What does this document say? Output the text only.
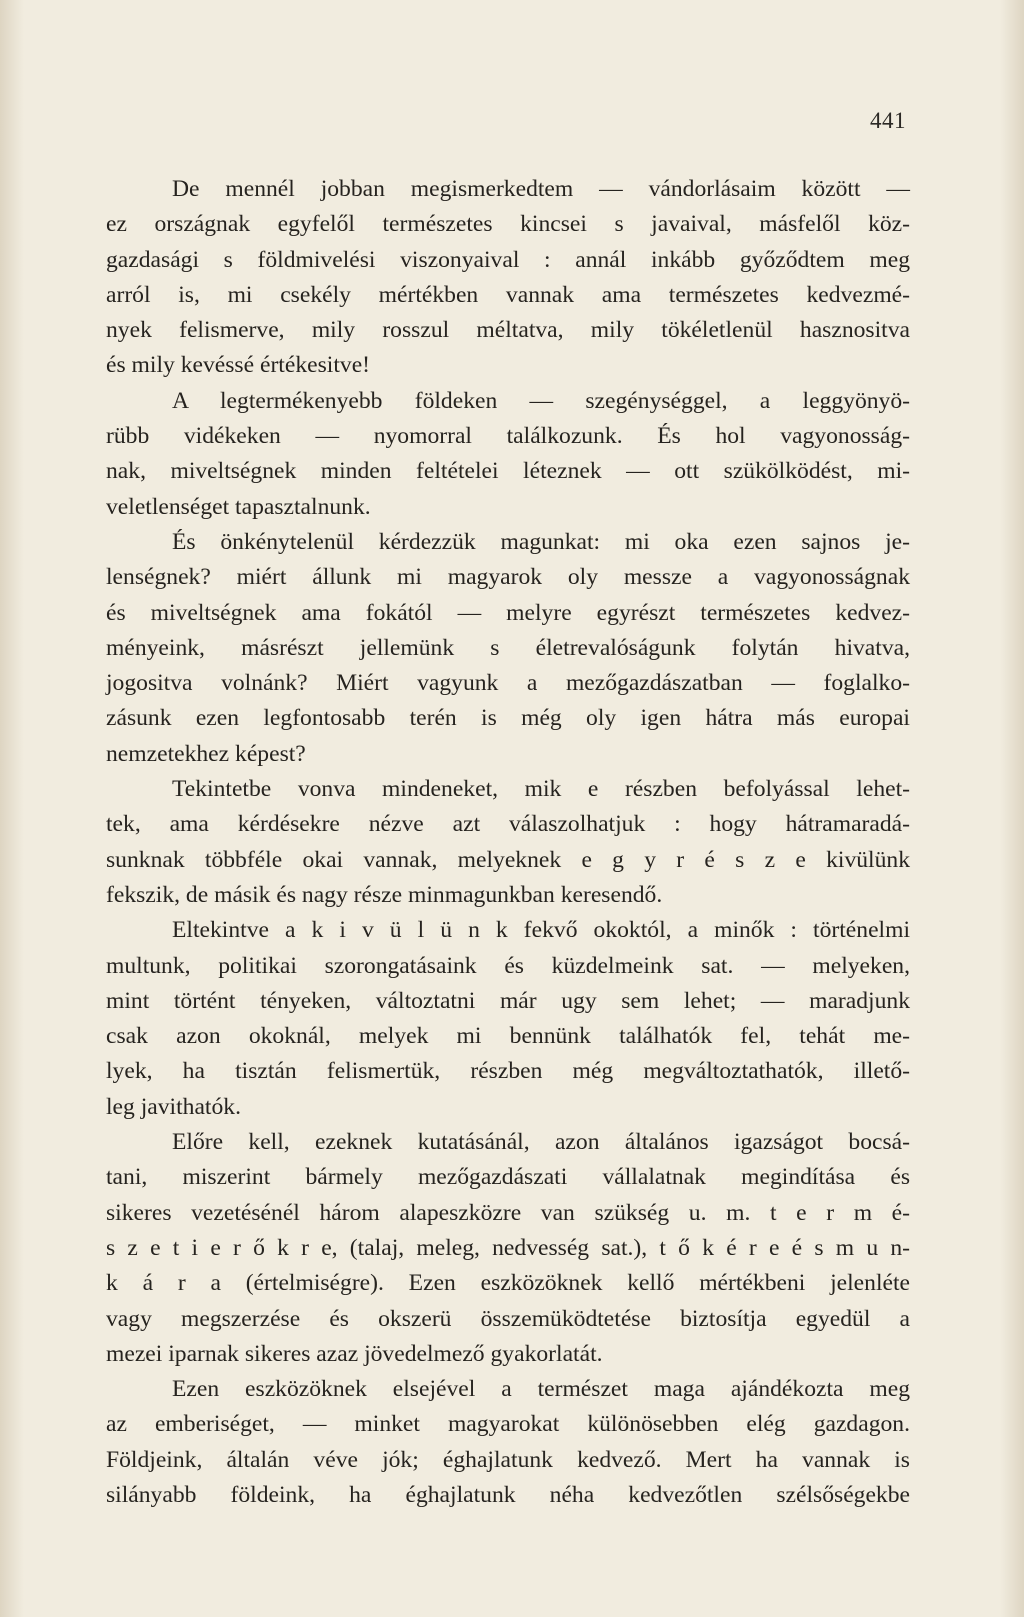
441
De mennél jobban megismerkedtem — vándorlásaim között —
ez országnak egyfelől természetes kincsei s javaival, másfelől köz-
gazdasági s földmivelési viszonyaival : annál inkább győződtem meg
arról is, mi csekély mértékben vannak ama természetes kedvezmé-
nyek felismerve, mily rosszul méltatva, mily tökéletlenül hasznositva
és mily kevéssé értékesitve!
A legtermékenyebb földeken — szegénységgel, a leggyönyö-
rübb vidékeken — nyomorral találkozunk. És hol vagyonosság-
nak, miveltségnek minden feltételei léteznek — ott szükölködést, mi-
veletlenséget tapasztalnunk.
És önkénytelenül kérdezzük magunkat: mi oka ezen sajnos je-
lenségnek? miért állunk mi magyarok oly messze a vagyonosságnak
és miveltségnek ama fokától — melyre egyrészt természetes kedvez-
ményeink, másrészt jellemünk s életrevalóságunk folytán hivatva,
jogositva volnánk? Miért vagyunk a mezőgazdászatban — foglalko-
zásunk ezen legfontosabb terén is még oly igen hátra más europai
nemzetekhez képest?
Tekintetbe vonva mindeneket, mik e részben befolyással lehet-
tek, ama kérdésekre nézve azt válaszolhatjuk : hogy hátramaradá-
sunknak többféle okai vannak, melyeknek e g y r é s z e kivülünk
fekszik, de másik és nagy része minmagunkban keresendő.
Eltekintve a k i v ü l ü n k fekvő okoktól, a minők : történelmi
multunk, politikai szorongatásaink és küzdelmeink sat. — melyeken,
mint történt tényeken, változtatni már ugy sem lehet; — maradjunk
csak azon okoknál, melyek mi bennünk találhatók fel, tehát me-
lyek, ha tisztán felismertük, részben még megváltoztathatók, illető-
leg javithatók.
Előre kell, ezeknek kutatásánál, azon általános igazságot bocsá-
tani, miszerint bármely mezőgazdászati vállalatnak megindítása és
sikeres vezetésénél három alapeszközre van szükség u. m. t e r m é-
s z e t i e r ő k r e, (talaj, meleg, nedvesség sat.), t ő k é r e é s m u n-
k á r a (értelmiségre). Ezen eszközöknek kellő mértékbeni jelenléte
vagy megszerzése és okszerü összemüködtetése biztosítja egyedül a
mezei iparnak sikeres azaz jövedelmező gyakorlatát.
Ezen eszközöknek elsejével a természet maga ajándékozta meg
az emberiséget, — minket magyarokat különösebben elég gazdagon.
Földjeink, általán véve jók; éghajlatunk kedvező. Mert ha vannak is
silányabb földeink, ha éghajlatunk néha kedvezőtlen szélsőségekbe
